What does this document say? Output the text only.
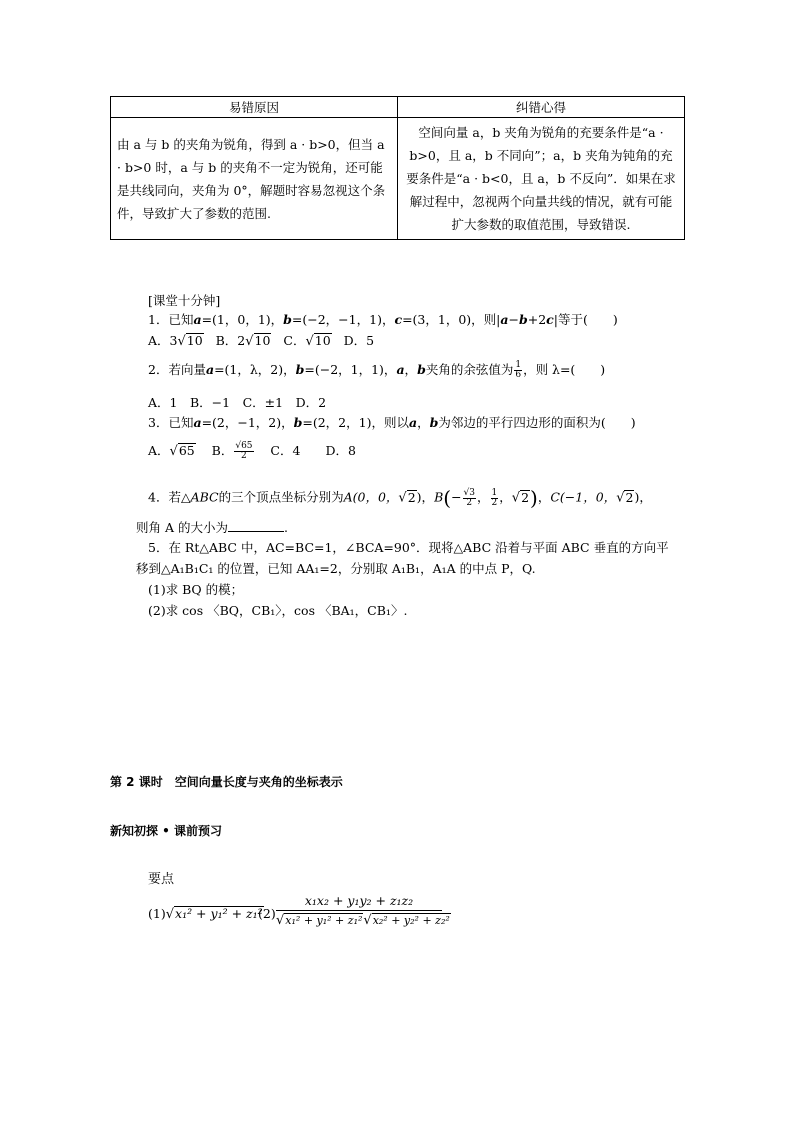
易错原因	纠错心得
由 a 与 b 的夹角为锐角，得到 a · b>0，但当 a · b>0 时，a 与 b 的夹角不一定为锐角，还可能是共线同向，夹角为 0°，解题时容易忽视这个条件，导致扩大了参数的范围.	空间向量 a，b 夹角为锐角的充要条件是“a · b>0，且 a，b 不同向”；a，b 夹角为钝角的充要条件是“a · b<0，且 a，b 不反向”．如果在求解过程中，忽视两个向量共线的情况，就有可能扩大参数的取值范围，导致错误.
[课堂十分钟]
1．已知a=(1，0，1)，b=(−2，−1，1)，c=(3，1，0)，则|a−b+2c|等于(　　)
A．3√10 B．2√10 C．√10 D．5
2．若向量a=(1，λ，2)，b=(−2，1，1)，a，b夹角的余弦值为 $\frac{1}{6}$ ，则 λ=(　　)
A．1　B．−1　C．±1　D．2
3．已知a=(2，−1，2)，b=(2，2，1)，则以a，b为邻边的平行四边形的面积为(　　)
A．√65 B． $\frac{√65}{2}$ C．4　　D．8
4．若△ABC的三个顶点坐标分别为A(0，0，√2)，$B(- \frac{√3}{2}$ ， $\frac{1}{2}$ ，√2)，C(−1，0，√2)，
则角 A 的大小为	.
5．在 Rt△ABC 中，AC=BC=1，∠BCA=90°．现将△ABC 沿着与平面 ABC 垂直的方向平
移到△A₁B₁C₁ 的位置，已知 AA₁=2，分别取 A₁B₁，A₁A 的中点 P，Q.
(1)求 BQ 的模；
(2)求 cos 〈BQ，CB₁〉，cos 〈BA₁，CB₁〉.
第 2 课时　空间向量长度与夹角的坐标表示
新知初探 • 课前预习
要点
(1)√x₁² + y₁² + z₁²
$(2) \frac{\text{x₁x₂ + y₁y₂ + z₁z₂}}{\text{√x₁² + y₁² + z₁²√x₂² + y₂² + z₂²}}$
